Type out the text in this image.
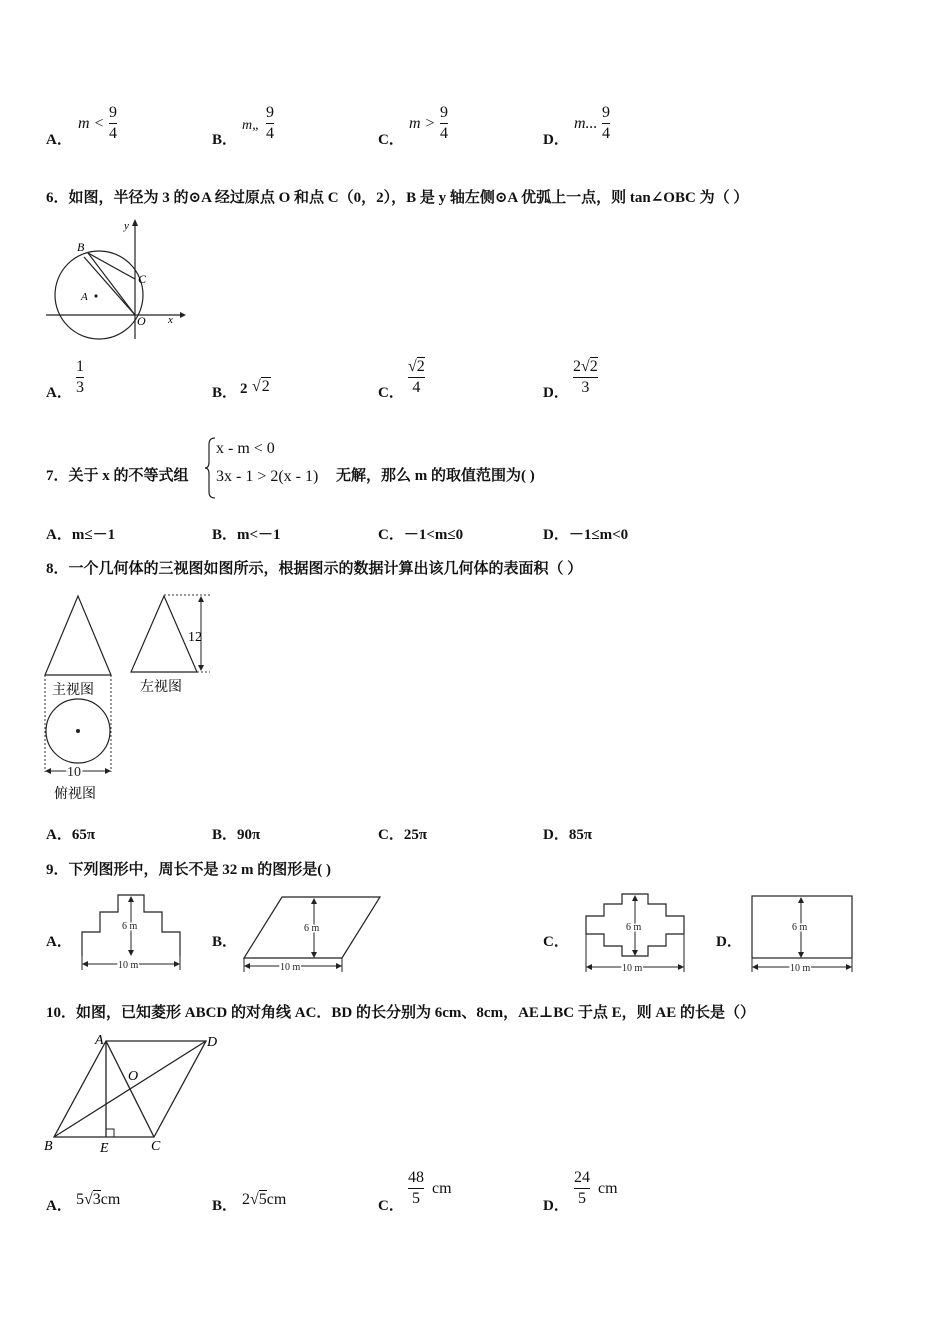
A．
$m < \frac{9}{4}$	B．
m„ $\frac{9}{4}$	C．
$m > \frac{9}{4}$	D．
m... $\frac{9}{4}$
6．如图，半径为 3 的⊙A 经过原点 O 和点 C（0，2），B 是 y 轴左侧⊙A 优弧上一点，则 tan∠OBC 为（ ）
B
C
A
O x
y
A． $\frac{1}{3}$	B． 2 √2	C． $\frac{√2}{4}$	D． $\frac{2√2}{3}$
7．关于 x 的不等式组
x - m < 0
3x - 1 > 2(x - 1) 无解，那么 m 的取值范围为( )
A．m≤－1	B．m<－1	C．－1<m≤0	D．－1≤m<0
8．一个几何体的三视图如图所示，根据图示的数据计算出该几何体的表面积（ ）
12
主视图	左视图
10
俯视图
A．65π	B．90π	C．25π	D．85π
9．下列图形中，周长不是 32 m 的图形是( )
A．
6 m
10 m
B．
6 m
10 m
C．
6 m
10 m
D．
6 m
10 m
10．如图，已知菱形 ABCD 的对角线 AC．BD 的长分别为 6cm、8cm，AE⊥BC 于点 E，则 AE 的长是（）
A	D
O
B	E	C
A． 5√3cm	B． 2√5cm	C． $\frac{48}{5}$ cm
D． $\frac{24}{5}$ cm
